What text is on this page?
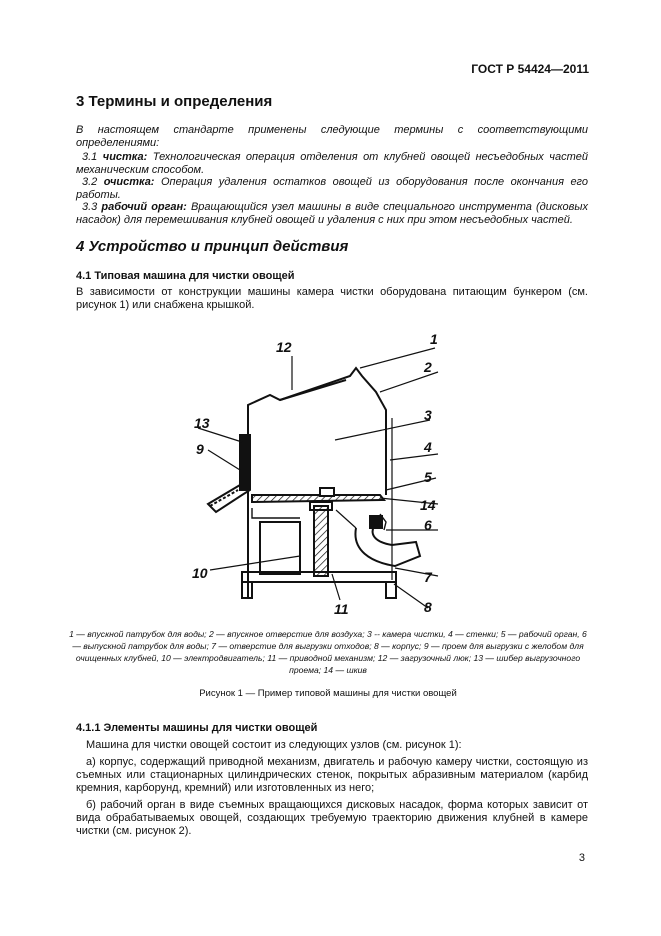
ГОСТ Р 54424—2011
3 Термины и определения
В настоящем стандарте применены следующие термины с соответствующими определениями:
3.1 чистка: Технологическая операция отделения от клубней овощей несъедобных частей механическим способом.
3.2 очистка: Операция удаления остатков овощей из оборудования после окончания его работы.
3.3 рабочий орган: Вращающийся узел машины в виде специального инструмента (дисковых насадок) для перемешивания клубней овощей и удаления с них при этом несъедобных частей.
4 Устройство и принцип действия
4.1 Типовая машина для чистки овощей
В зависимости от конструкции машины камера чистки оборудована питающим бункером (см. рисунок 1) или снабжена крышкой.
1
2
3
4
5
14
6
7
8
11
10
9
13
12
1 — впускной патрубок для воды; 2 — впускное отверстие для воздуха; 3 -- камера чистки, 4 — стенки; 5 — рабочий орган, 6 — выпускной патрубок для воды; 7 — отверстие для выгрузки отходов; 8 — корпус; 9 — проем для выгрузки с желобом для очищенных клубней, 10 — электродвигатель; 11 — приводной механизм; 12 — загрузочный люк; 13 — шибер выгрузочного проема; 14 — шкив
Рисунок 1 — Пример типовой машины для чистки овощей
4.1.1 Элементы машины для чистки овощей
Машина для чистки овощей состоит из следующих узлов (см. рисунок 1):
а) корпус, содержащий приводной механизм, двигатель и рабочую камеру чистки, состоящую из съемных или стационарных цилиндрических стенок, покрытых абразивным материалом (карбид кремния, карборунд, кремний) или изготовленных из него;
б) рабочий орган в виде съемных вращающихся дисковых насадок, форма которых зависит от вида обрабатываемых овощей, создающих требуемую траекторию движения клубней в камере чистки (см. рисунок 2).
3
